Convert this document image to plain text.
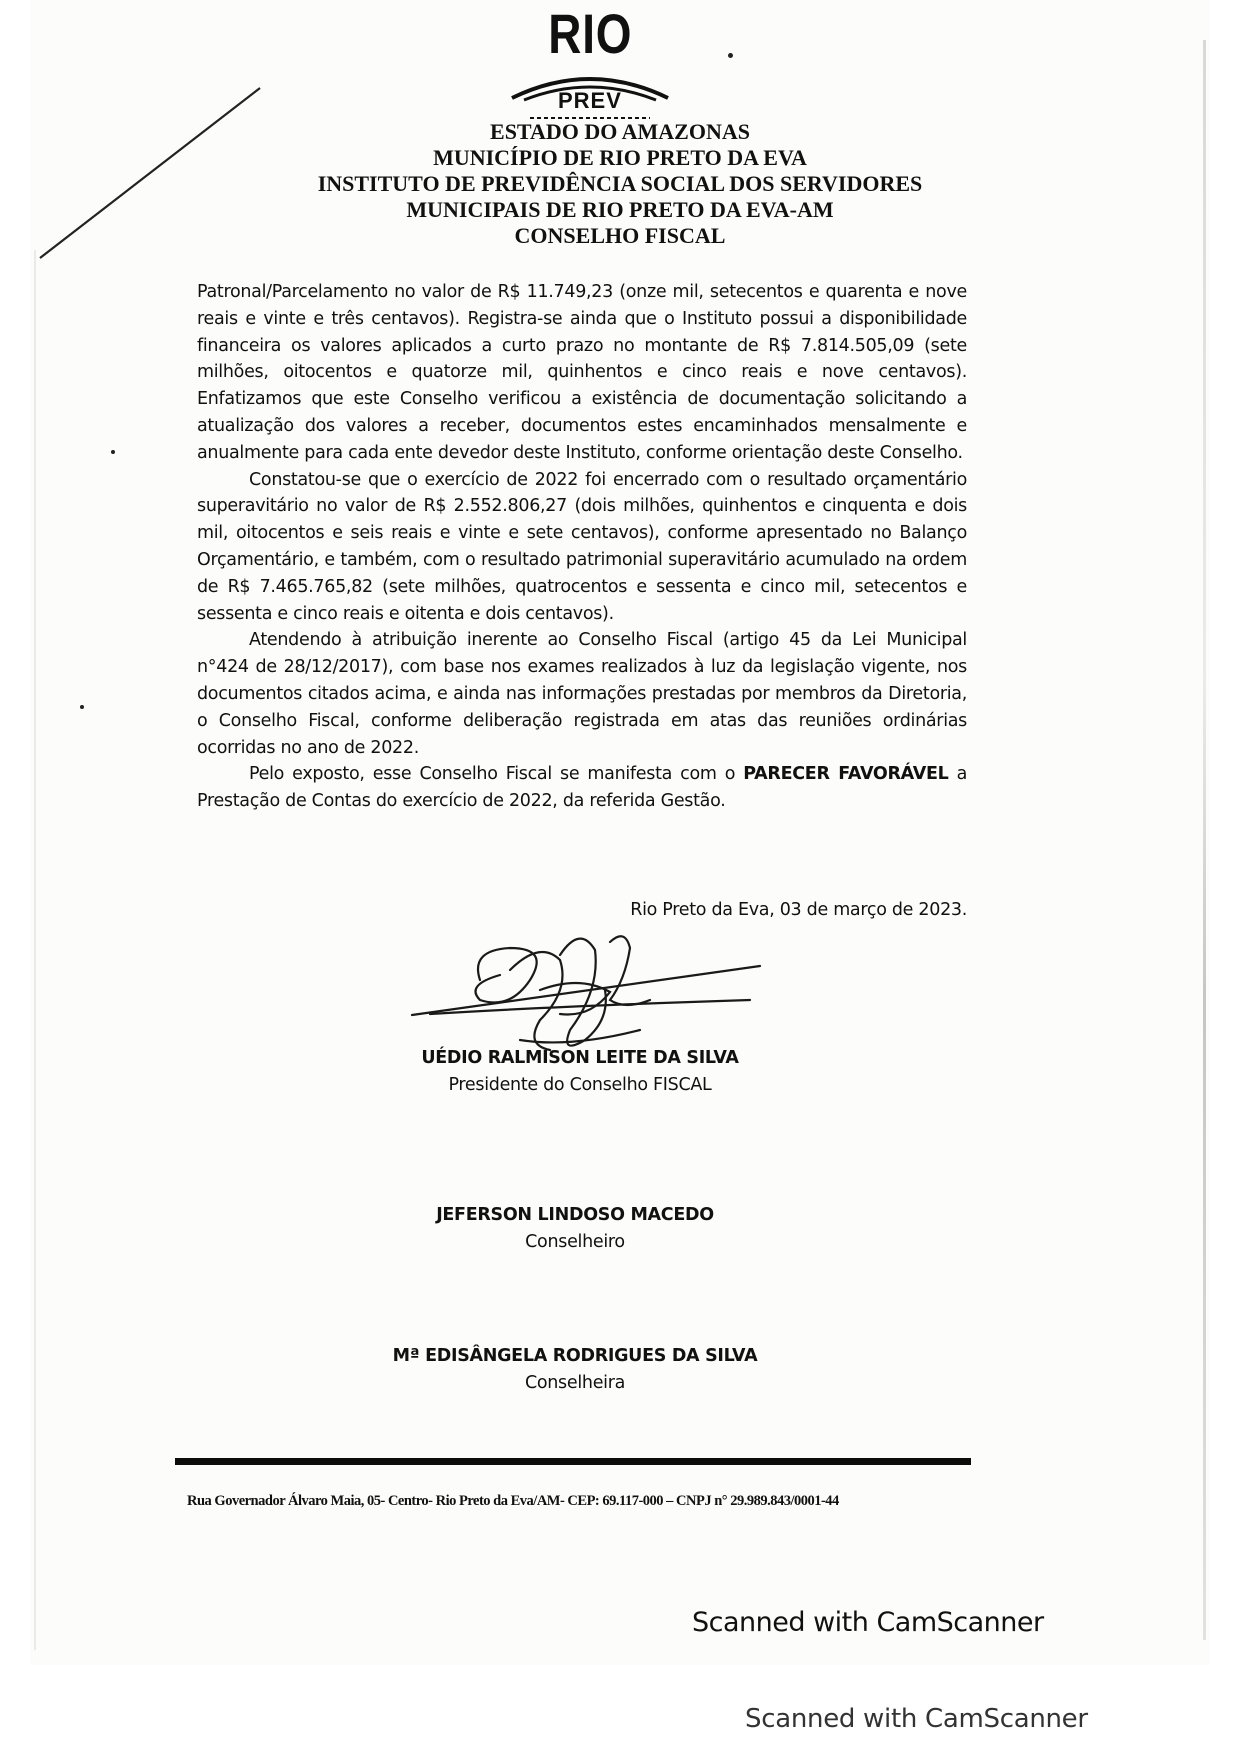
RIO
PREV
ESTADO DO AMAZONAS
MUNICÍPIO DE RIO PRETO DA EVA
INSTITUTO DE PREVIDÊNCIA SOCIAL DOS SERVIDORES
MUNICIPAIS DE RIO PRETO DA EVA-AM
CONSELHO FISCAL

Patronal/Parcelamento no valor de R$ 11.749,23 (onze mil, setecentos e quarenta e nove reais e vinte e três centavos). Registra-se ainda que o Instituto possui a disponibilidade financeira os valores aplicados a curto prazo no montante de R$ 7.814.505,09 (sete milhões, oitocentos e quatorze mil, quinhentos e cinco reais e nove centavos). Enfatizamos que este Conselho verificou a existência de documentação solicitando a atualização dos valores a receber, documentos estes encaminhados mensalmente e anualmente para cada ente devedor deste Instituto, conforme orientação deste Conselho.

Constatou-se que o exercício de 2022 foi encerrado com o resultado orçamentário superavitário no valor de R$ 2.552.806,27 (dois milhões, quinhentos e cinquenta e dois mil, oitocentos e seis reais e vinte e sete centavos), conforme apresentado no Balanço Orçamentário, e também, com o resultado patrimonial superavitário acumulado na ordem de R$ 7.465.765,82 (sete milhões, quatrocentos e sessenta e cinco mil, setecentos e sessenta e cinco reais e oitenta e dois centavos).

Atendendo à atribuição inerente ao Conselho Fiscal (artigo 45 da Lei Municipal n°424 de 28/12/2017), com base nos exames realizados à luz da legislação vigente, nos documentos citados acima, e ainda nas informações prestadas por membros da Diretoria, o Conselho Fiscal, conforme deliberação registrada em atas das reuniões ordinárias ocorridas no ano de 2022.

Pelo exposto, esse Conselho Fiscal se manifesta com o PARECER FAVORÁVEL a Prestação de Contas do exercício de 2022, da referida Gestão.

Rio Preto da Eva, 03 de março de 2023.
UÉDIO RALMISON LEITE DA SILVA
Presidente do Conselho FISCAL
JEFERSON LINDOSO MACEDO
Conselheiro
Mª EDISÂNGELA RODRIGUES DA SILVA
Conselheira
Rua Governador Álvaro Maia, 05- Centro- Rio Preto da Eva/AM- CEP: 69.117-000 – CNPJ n° 29.989.843/0001-44
Scanned with CamScanner
Scanned with CamScanner
